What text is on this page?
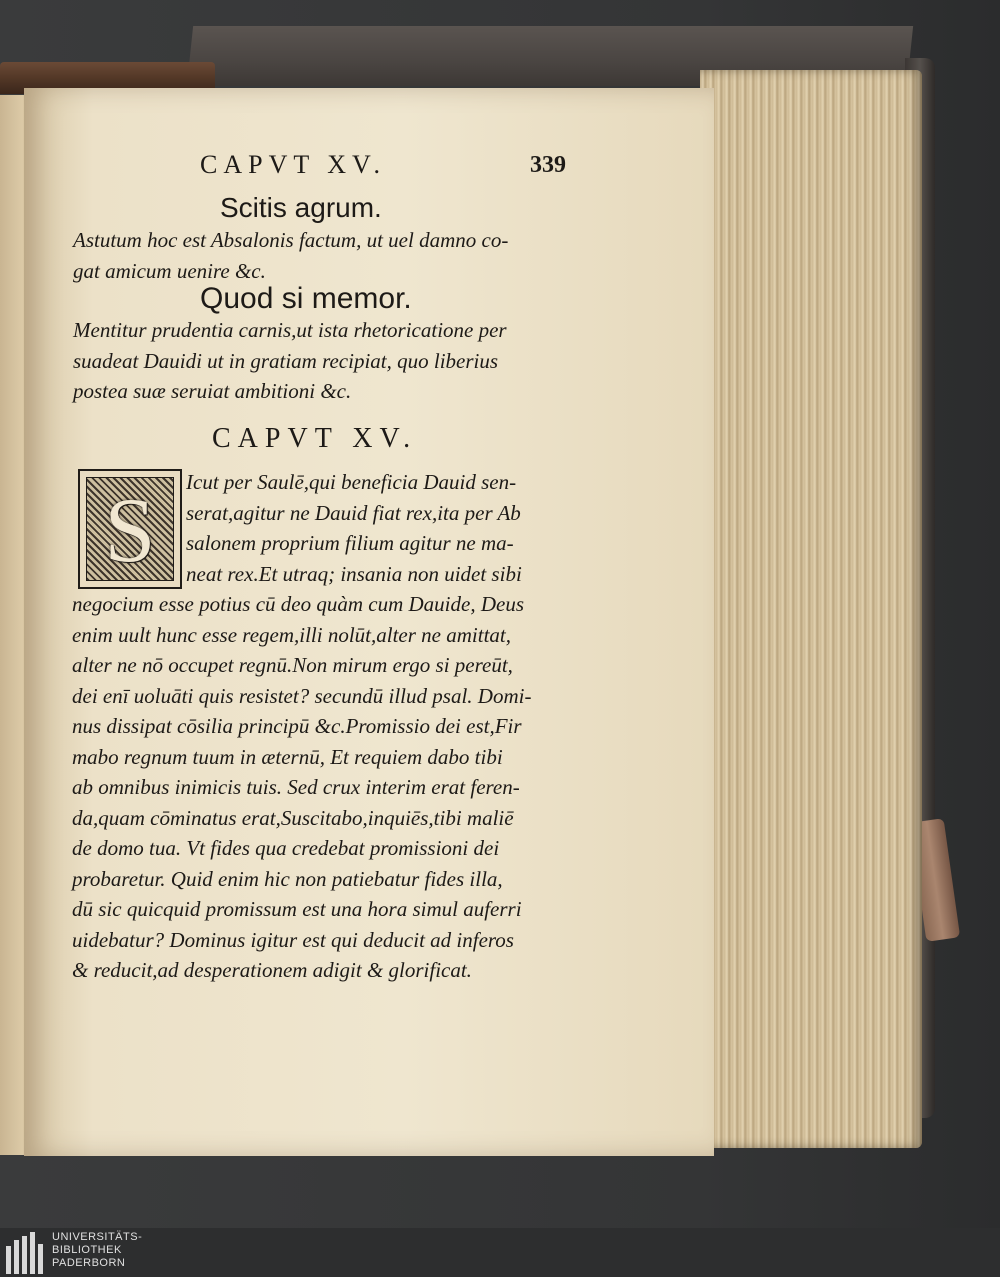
CAPVT XV.	339
Scitis agrum.
Astutum hoc est Absalonis factum, ut uel damno co-
gat amicum uenire &c.
Quod si memor.
Mentitur prudentia carnis,ut ista rhetoricatione per
suadeat Dauidi ut in gratiam recipiat, quo liberius
postea suæ seruiat ambitioni &c.
CAPVT XV.
S	Icut per Saulē,qui beneficia Dauid sen-
serat,agitur ne Dauid fiat rex,ita per Ab
salonem proprium filium agitur ne ma-
neat rex.Et utraq; insania non uidet sibi
negocium esse potius cū deo quàm cum Dauide, Deus
enim uult hunc esse regem,illi nolūt,alter ne amittat,
alter ne nō occupet regnū.Non mirum ergo si pereūt,
dei enī uoluāti quis resistet? secundū illud psal. Domi-
nus dissipat cōsilia principū &c.Promissio dei est,Fir
mabo regnum tuum in æternū, Et requiem dabo tibi
ab omnibus inimicis tuis. Sed crux interim erat feren-
da,quam cōminatus erat,Suscitabo,inquiēs,tibi maliē
de domo tua. Vt fides qua credebat promissioni dei
probaretur. Quid enim hic non patiebatur fides illa,
dū sic quicquid promissum est una hora simul auferri
uidebatur? Dominus igitur est qui deducit ad inferos
& reducit,ad desperationem adigit & glorificat.
UNIVERSITÄTS-
BIBLIOTHEK
PADERBORN
